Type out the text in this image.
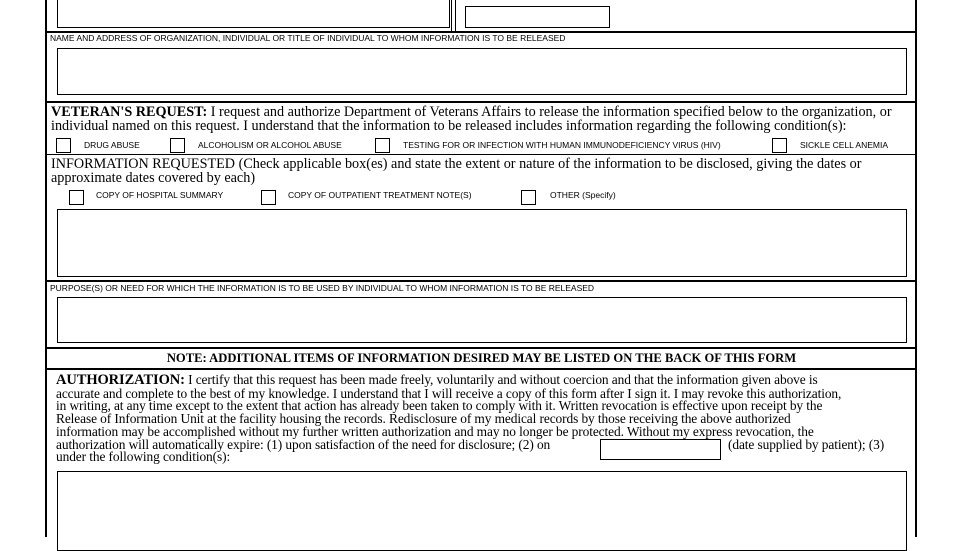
NAME AND ADDRESS OF ORGANIZATION, INDIVIDUAL OR TITLE OF INDIVIDUAL TO WHOM INFORMATION IS TO BE RELEASED
VETERAN'S REQUEST: I request and authorize Department of Veterans Affairs to release the information specified below to the organization, or individual named on this request. I understand that the information to be released includes information regarding the following condition(s):
DRUG ABUSE	ALCOHOLISM OR ALCOHOL ABUSE	TESTING FOR OR INFECTION WITH HUMAN IMMUNODEFICIENCY VIRUS (HIV)	SICKLE CELL ANEMIA
INFORMATION REQUESTED (Check applicable box(es) and state the extent or nature of the information to be disclosed, giving the dates or approximate dates covered by each)
COPY OF HOSPITAL SUMMARY	COPY OF OUTPATIENT TREATMENT NOTE(S)	OTHER (Specify)
PURPOSE(S) OR NEED FOR WHICH THE INFORMATION IS TO BE USED BY INDIVIDUAL TO WHOM INFORMATION IS TO BE RELEASED
NOTE: ADDITIONAL ITEMS OF INFORMATION DESIRED MAY BE LISTED ON THE BACK OF THIS FORM
AUTHORIZATION: I certify that this request has been made freely, voluntarily and without coercion and that the information given above is
accurate and complete to the best of my knowledge. I understand that I will receive a copy of this form after I sign it. I may revoke this authorization,
in writing, at any time except to the extent that action has already been taken to comply with it. Written revocation is effective upon receipt by the
Release of Information Unit at the facility housing the records. Redisclosure of my medical records by those receiving the above authorized
information may be accomplished without my further written authorization and may no longer be protected. Without my express revocation, the
authorization will automatically expire: (1) upon satisfaction of the need for disclosure; (2) on	(date supplied by patient); (3)
under the following condition(s):
